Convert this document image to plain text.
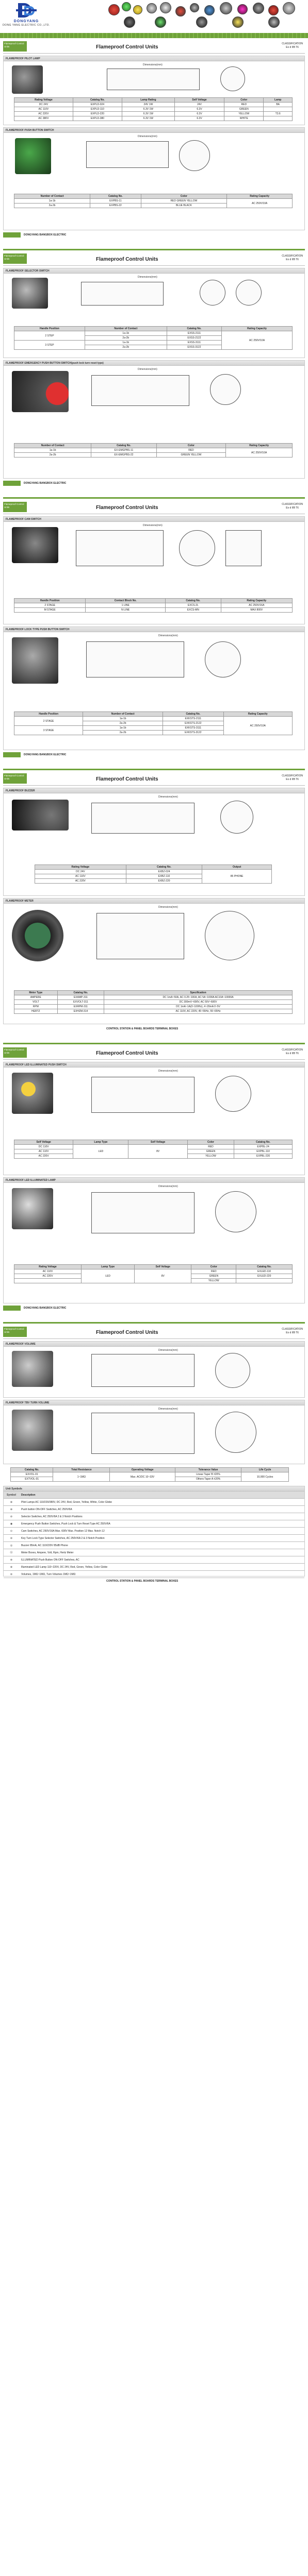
DONGYANG
DONG YANG ELECTRIC CO.,LTD.
Flameproof Control Units	Flameproof Control Units
CLASSIFICATION
Ex d IIB T6
FLAMEPROOF PILOT LAMP
Dimensions(mm)
Rating Voltage	Catalog No.	Lamp Rating	Self Voltage	Color	Lamp
DC 24V	EXPLD-024	24V 1W	24V	RED	BA
AC 110V	EXPLD-110	6.3V 1W	6.3V	GREEN	
AC 220V	EXPLD-220	6.3V 1W	6.3V	YELLOW	T3.6
AC 380V	EXPLD-380	6.3V 1W	6.3V	WHITE	
FLAMEPROOF PUSH BUTTON SWITCH
Dimensions(mm)
Number of Contact	Catalog No.	Color	Rating Capacity
1a-1b	EXPBS-11	RED GREEN YELLOW	AC 250V/10A
2a-2b	EXPBS-22	BLUE BLACK	
DONGYANG BANGBOX ELECTRIC
Flameproof Control Units	Flameproof Control Units
CLASSIFICATION
Ex d IIB T6
FLAMEPROOF SELECTOR SWITCH
Dimensions(mm)
Handle Position	Number of Contact	Catalog No.	Rating Capacity
2 STEP	1a-1b	EXSS-2111	AC 250V/10A
	2a-2b	EXSS-2122	
3 STEP	1a-1b	EXSS-3111	
	2a-2b	EXSS-3122	
FLAMEPROOF EMERGENCY PUSH BUTTON SWITCH(push lock turn reset type)
Dimensions(mm)
Number of Contact	Catalog No.	Color	Rating Capacity
1a-1b	EX-EMGPBS-11	RED	AC 250V/10A
2a-2b	EX-EMGPBS-22	GREEN YELLOW	
DONGYANG BANGBOX ELECTRIC
Flameproof Control Units	Flameproof Control Units
CLASSIFICATION
Ex d IIB T6
FLAMEPROOF CAM SWITCH
Dimensions(mm)
Handle Position	Contact Block No.	Catalog No.	Rating Capacity
2 STAGE	1 LINE	EXCS-2L	AC 250V/16A
M STAGE	N LINE	EXCS-MN	MAX 800V
FLAMEPROOF LOCK TYPE PUSH BUTTON SWITCH
Dimensions(mm)
Handle Position	Number of Contact	Catalog No.	Rating Capacity
2 STAGE	1a-1b	EXKSTS-2111	AC 250V/10A
	2a-2b	EXKSTS-2122	
3 STAGE	1a-1b	EXKSTS-3111	
	2a-2b	EXKSTS-3122	
DONGYANG BANGBOX ELECTRIC
Flameproof Control Units	Flameproof Control Units
CLASSIFICATION
Ex d IIB T6
FLAMEPROOF BUZZER
Dimensions(mm)
Rating Voltage	Catalog No.	Output
DC 24V	EXBZ-024	85 PHONE
AC 110V	EXBZ-110	
AC 220V	EXBZ-220	
FLAMEPROOF METER
Dimensions(mm)
Meter Type	Catalog No.	Specification
AMPERE	EXAMP-311	DC 1mA~50A, AC 0.25~100A, AC 5A~1000A AC10A~10000A
VOLT	EXVOLT-311	DC 300mV~600V, AC 50V~600V
RPM	EXRPM-311	DC 1mA~1A(0~100Hz), 4~20mA 0~5V
HERTZ	EXHZM-314	AC 110V, AC 220V, 45~55Hz, 55~65Hz
CONTROL STATION & PANEL BOARDS TERMINAL BOXES
Flameproof Control Units	Flameproof Control Units
CLASSIFICATION
Ex d IIB T6
FLAMEPROOF LED ILLUMINATED PUSH SWITCH
Dimensions(mm)
Self Voltage	Lamp Type	Self Voltage	Color	Catalog No.
DC 110V	LED	8V	RED	EXPBL-24
AC 110V			GREEN	EXPBL-110
AC 220V			YELLOW	EXPBL-220
FLAMEPROOF LED ILLUMINATED LAMP
Dimensions(mm)
Rating Voltage	Lamp Type	Self Voltage	Color	Catalog No.
AC 110V	LED	8V	RED	EXLED-110
AC 220V			GREEN	EXLED-220
			YELLOW	
DONGYANG BANGBOX ELECTRIC
Flameproof Control Units	Flameproof Control Units
CLASSIFICATION
Ex d IIB T6
FLAMEPROOF VOLUME
Dimensions(mm)
FLAMEPROOF TBV TURN VOLUME
Dimensions(mm)
Catalog No.	Total Resistance	Operating Voltage	Tolerance Value	Life Cycle
EXVOL-01	1~1MΩ	Max. AC/DC 10~33V	Linear Taper B ±20%	10,000 Cycles
EXTVOL-01			Others Taper A ±20%	
Unit Symbols
Symbol	Description
⊗	Pilot Lamps AC 110/220/380V, DC 24V, Red, Green, Yellow, White, Color Globe
⊕	Push button ON-OFF Switches, AC 250V/6A
⊘	Selector Switches, AC 250V/6A 2 & 3 Notch Positions
◉	Emergency Push Button Switches, Push Lock & Turn Reset Type AC 250V/6A
⊙	Cam Switches, AC 250V/16A Max. 600V Max. Position 12 Max. Notch 12
⊚	Key Turn Lock Type Selector Switches, AC 250V/6A 2 & 3 Notch Position
◎	Buzzer 85mA, AC 110/220V 85dB Phone
Ⓜ	Meter Boxes, Ampere, Volt, Rpm, Hertz Meter
⊛	ILLUMINATED Push Button ON-OFF Switches, AC
⊗	Illuminated LED Lamp 110~220V, DC 24V, Red, Green, Yellow, Color Globe
⊜	Volumes, 1MΩ~1MΩ, Turn Volumes 1MΩ~1MΩ
CONTROL STATION & PANEL BOARDS TERMINAL BOXES
